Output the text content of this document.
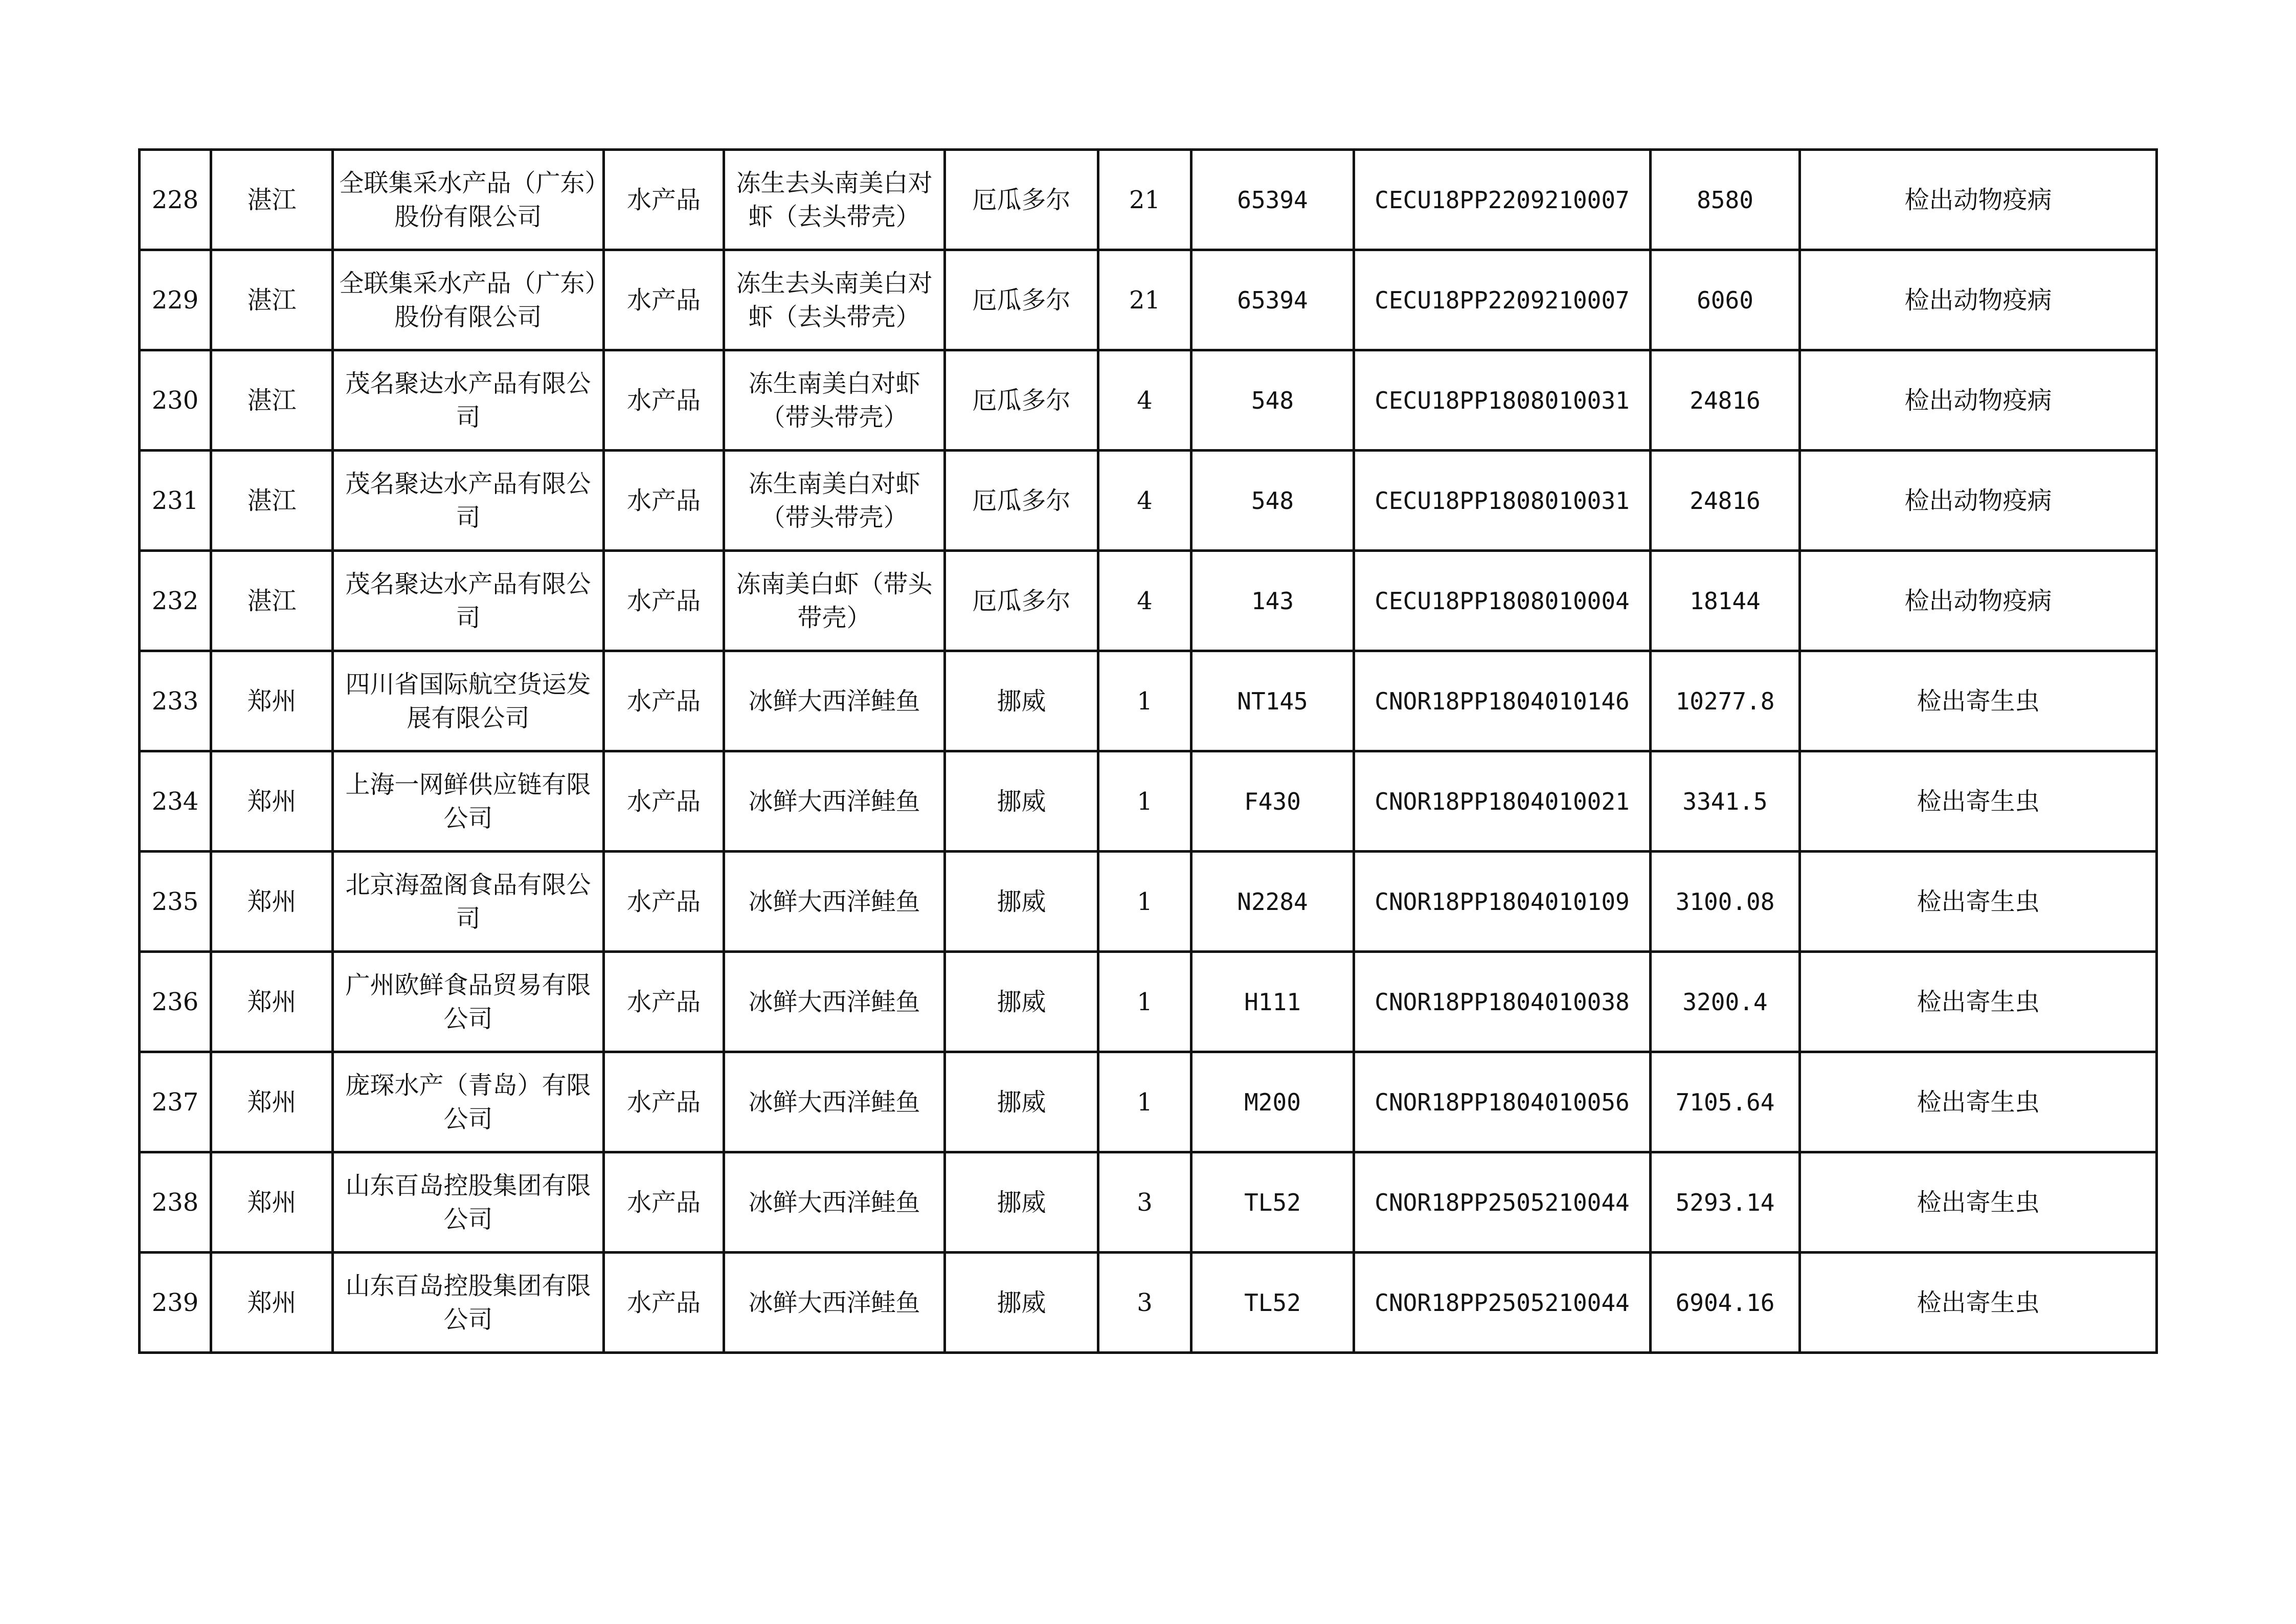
228	湛江	全联集采水产品（广东）股份有限公司	水产品	冻生去头南美白对虾（去头带壳）	厄瓜多尔	21	65394	CECU18PP2209210007	8580	检出动物疫病
229	湛江	全联集采水产品（广东）股份有限公司	水产品	冻生去头南美白对虾（去头带壳）	厄瓜多尔	21	65394	CECU18PP2209210007	6060	检出动物疫病
230	湛江	茂名聚达水产品有限公司	水产品	冻生南美白对虾（带头带壳）	厄瓜多尔	4	548	CECU18PP1808010031	24816	检出动物疫病
231	湛江	茂名聚达水产品有限公司	水产品	冻生南美白对虾（带头带壳）	厄瓜多尔	4	548	CECU18PP1808010031	24816	检出动物疫病
232	湛江	茂名聚达水产品有限公司	水产品	冻南美白虾（带头带壳）	厄瓜多尔	4	143	CECU18PP1808010004	18144	检出动物疫病
233	郑州	四川省国际航空货运发展有限公司	水产品	冰鲜大西洋鲑鱼	挪威	1	NT145	CNOR18PP1804010146	10277.8	检出寄生虫
234	郑州	上海一网鲜供应链有限公司	水产品	冰鲜大西洋鲑鱼	挪威	1	F430	CNOR18PP1804010021	3341.5	检出寄生虫
235	郑州	北京海盈阁食品有限公司	水产品	冰鲜大西洋鲑鱼	挪威	1	N2284	CNOR18PP1804010109	3100.08	检出寄生虫
236	郑州	广州欧鲜食品贸易有限公司	水产品	冰鲜大西洋鲑鱼	挪威	1	H111	CNOR18PP1804010038	3200.4	检出寄生虫
237	郑州	庞琛水产（青岛）有限公司	水产品	冰鲜大西洋鲑鱼	挪威	1	M200	CNOR18PP1804010056	7105.64	检出寄生虫
238	郑州	山东百岛控股集团有限公司	水产品	冰鲜大西洋鲑鱼	挪威	3	TL52	CNOR18PP2505210044	5293.14	检出寄生虫
239	郑州	山东百岛控股集团有限公司	水产品	冰鲜大西洋鲑鱼	挪威	3	TL52	CNOR18PP2505210044	6904.16	检出寄生虫
